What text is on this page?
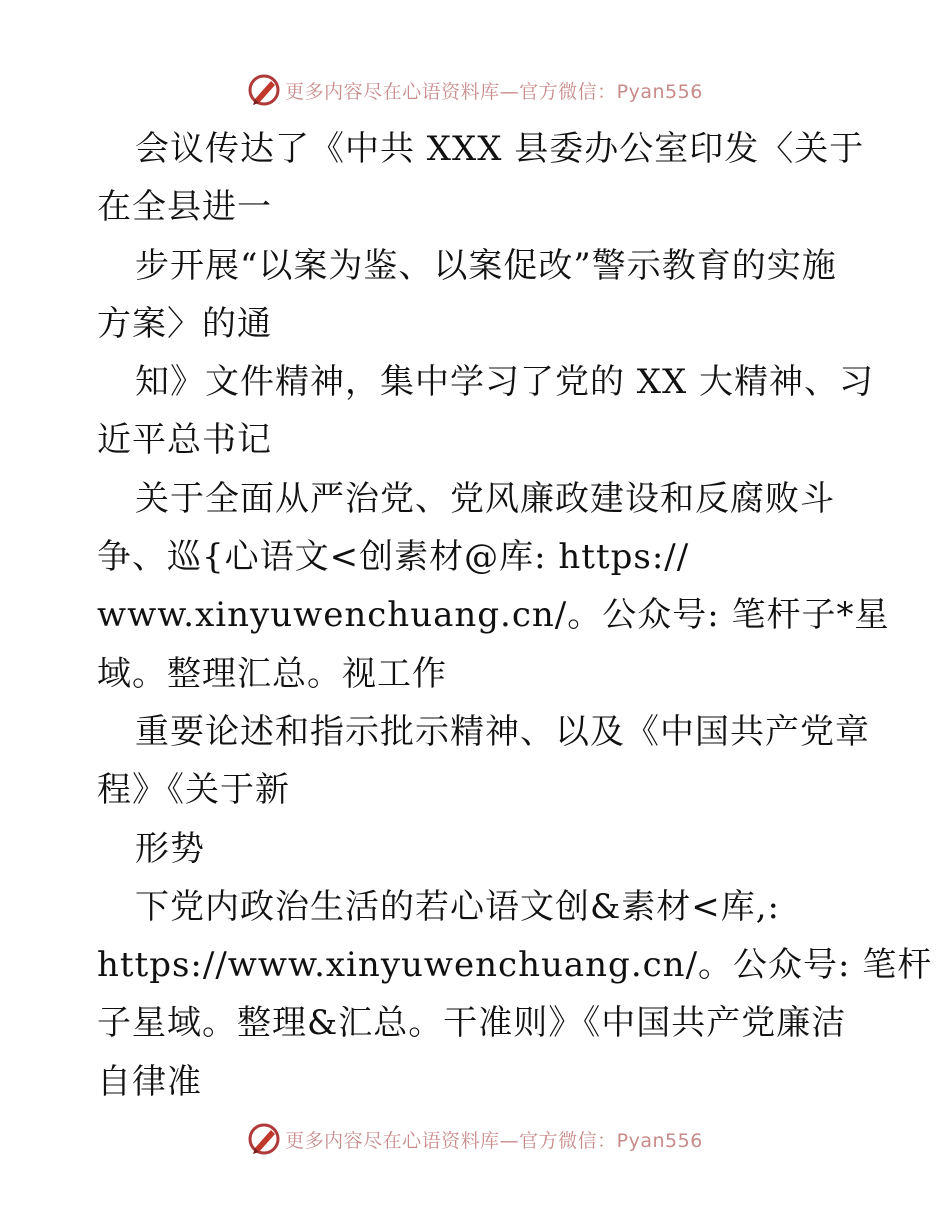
更多内容尽在心语资料库—官方微信：Pyan556
会议传达了《中共 XXX 县委办公室印发〈关于
在全县进一
步开展“以案为鉴、以案促改”警示教育的实施
方案〉的通
知》文件精神，集中学习了党的 XX 大精神、习
近平总书记
关于全面从严治党、党风廉政建设和反腐败斗
争、巡{心语文<创素材@库: https://
www.xinyuwenchuang.cn/。公众号: 笔杆子*星
域。整理汇总。视工作
重要论述和指示批示精神、以及《中国共产党章
程》《关于新
形势
下党内政治生活的若心语文创&素材<库,:
https://www.xinyuwenchuang.cn/。公众号: 笔杆
子星域。整理&汇总。干准则》《中国共产党廉洁
自律准
更多内容尽在心语资料库—官方微信：Pyan556
